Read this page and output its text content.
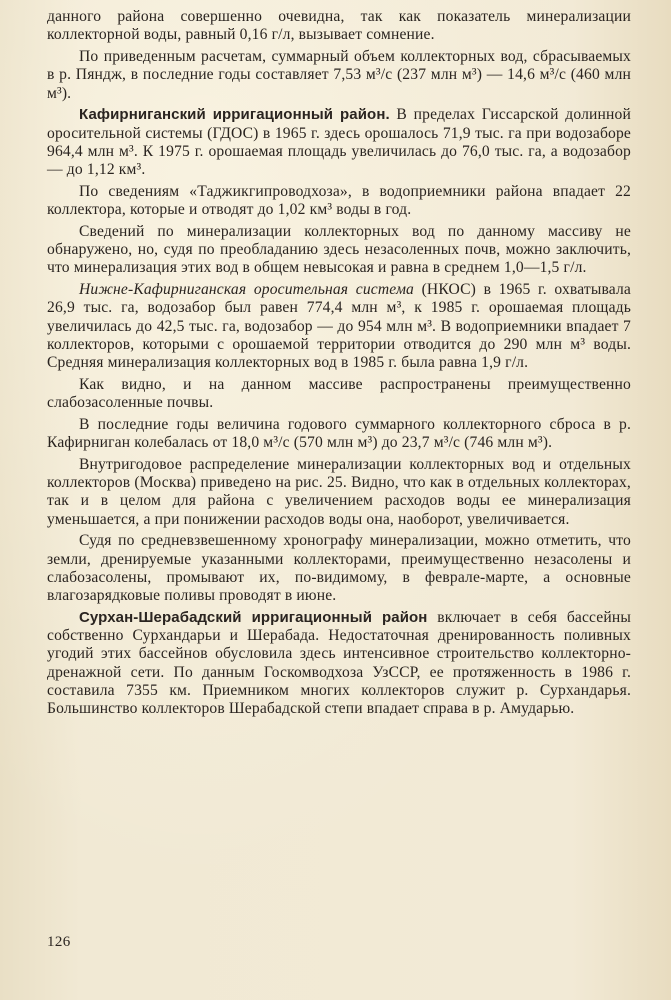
данного района совершенно очевидна, так как показатель минерализации коллекторной воды, равный 0,16 г/л, вызывает сомнение.

По приведенным расчетам, суммарный объем коллекторных вод, сбрасываемых в р. Пяндж, в последние годы составляет 7,53 м³/с (237 млн м³) — 14,6 м³/с (460 млн м³).

Кафирниганский ирригационный район. В пределах Гиссарской долинной оросительной системы (ГДОС) в 1965 г. здесь орошалось 71,9 тыс. га при водозаборе 964,4 млн м³. К 1975 г. орошаемая площадь увеличилась до 76,0 тыс. га, а водозабор — до 1,12 км³.

По сведениям «Таджикгипроводхоза», в водоприемники района впадает 22 коллектора, которые и отводят до 1,02 км³ воды в год.

Сведений по минерализации коллекторных вод по данному массиву не обнаружено, но, судя по преобладанию здесь незасоленных почв, можно заключить, что минерализация этих вод в общем невысокая и равна в среднем 1,0—1,5 г/л.

Нижне-Кафирниганская оросительная система (НКОС) в 1965 г. охватывала 26,9 тыс. га, водозабор был равен 774,4 млн м³, к 1985 г. орошаемая площадь увеличилась до 42,5 тыс. га, водозабор — до 954 млн м³. В водоприемники впадает 7 коллекторов, которыми с орошаемой территории отводится до 290 млн м³ воды. Средняя минерализация коллекторных вод в 1985 г. была равна 1,9 г/л.

Как видно, и на данном массиве распространены преимущественно слабозасоленные почвы.

В последние годы величина годового суммарного коллекторного сброса в р. Кафирниган колебалась от 18,0 м³/с (570 млн м³) до 23,7 м³/с (746 млн м³).

Внутригодовое распределение минерализации коллекторных вод и отдельных коллекторов (Москва) приведено на рис. 25. Видно, что как в отдельных коллекторах, так и в целом для района с увеличением расходов воды ее минерализация уменьшается, а при понижении расходов воды она, наоборот, увеличивается.

Судя по средневзвешенному хронографу минерализации, можно отметить, что земли, дренируемые указанными коллекторами, преимущественно незасолены и слабозасолены, промывают их, по-видимому, в феврале-марте, а основные влагозарядковые поливы проводят в июне.

Сурхан-Шерабадский ирригационный район включает в себя бассейны собственно Сурхандарьи и Шерабада. Недостаточная дренированность поливных угодий этих бассейнов обусловила здесь интенсивное строительство коллекторно-дренажной сети. По данным Госкомводхоза УзССР, ее протяженность в 1986 г. составила 7355 км. Приемником многих коллекторов служит р. Сурхандарья. Большинство коллекторов Шерабадской степи впадает справа в р. Амударью.

126
